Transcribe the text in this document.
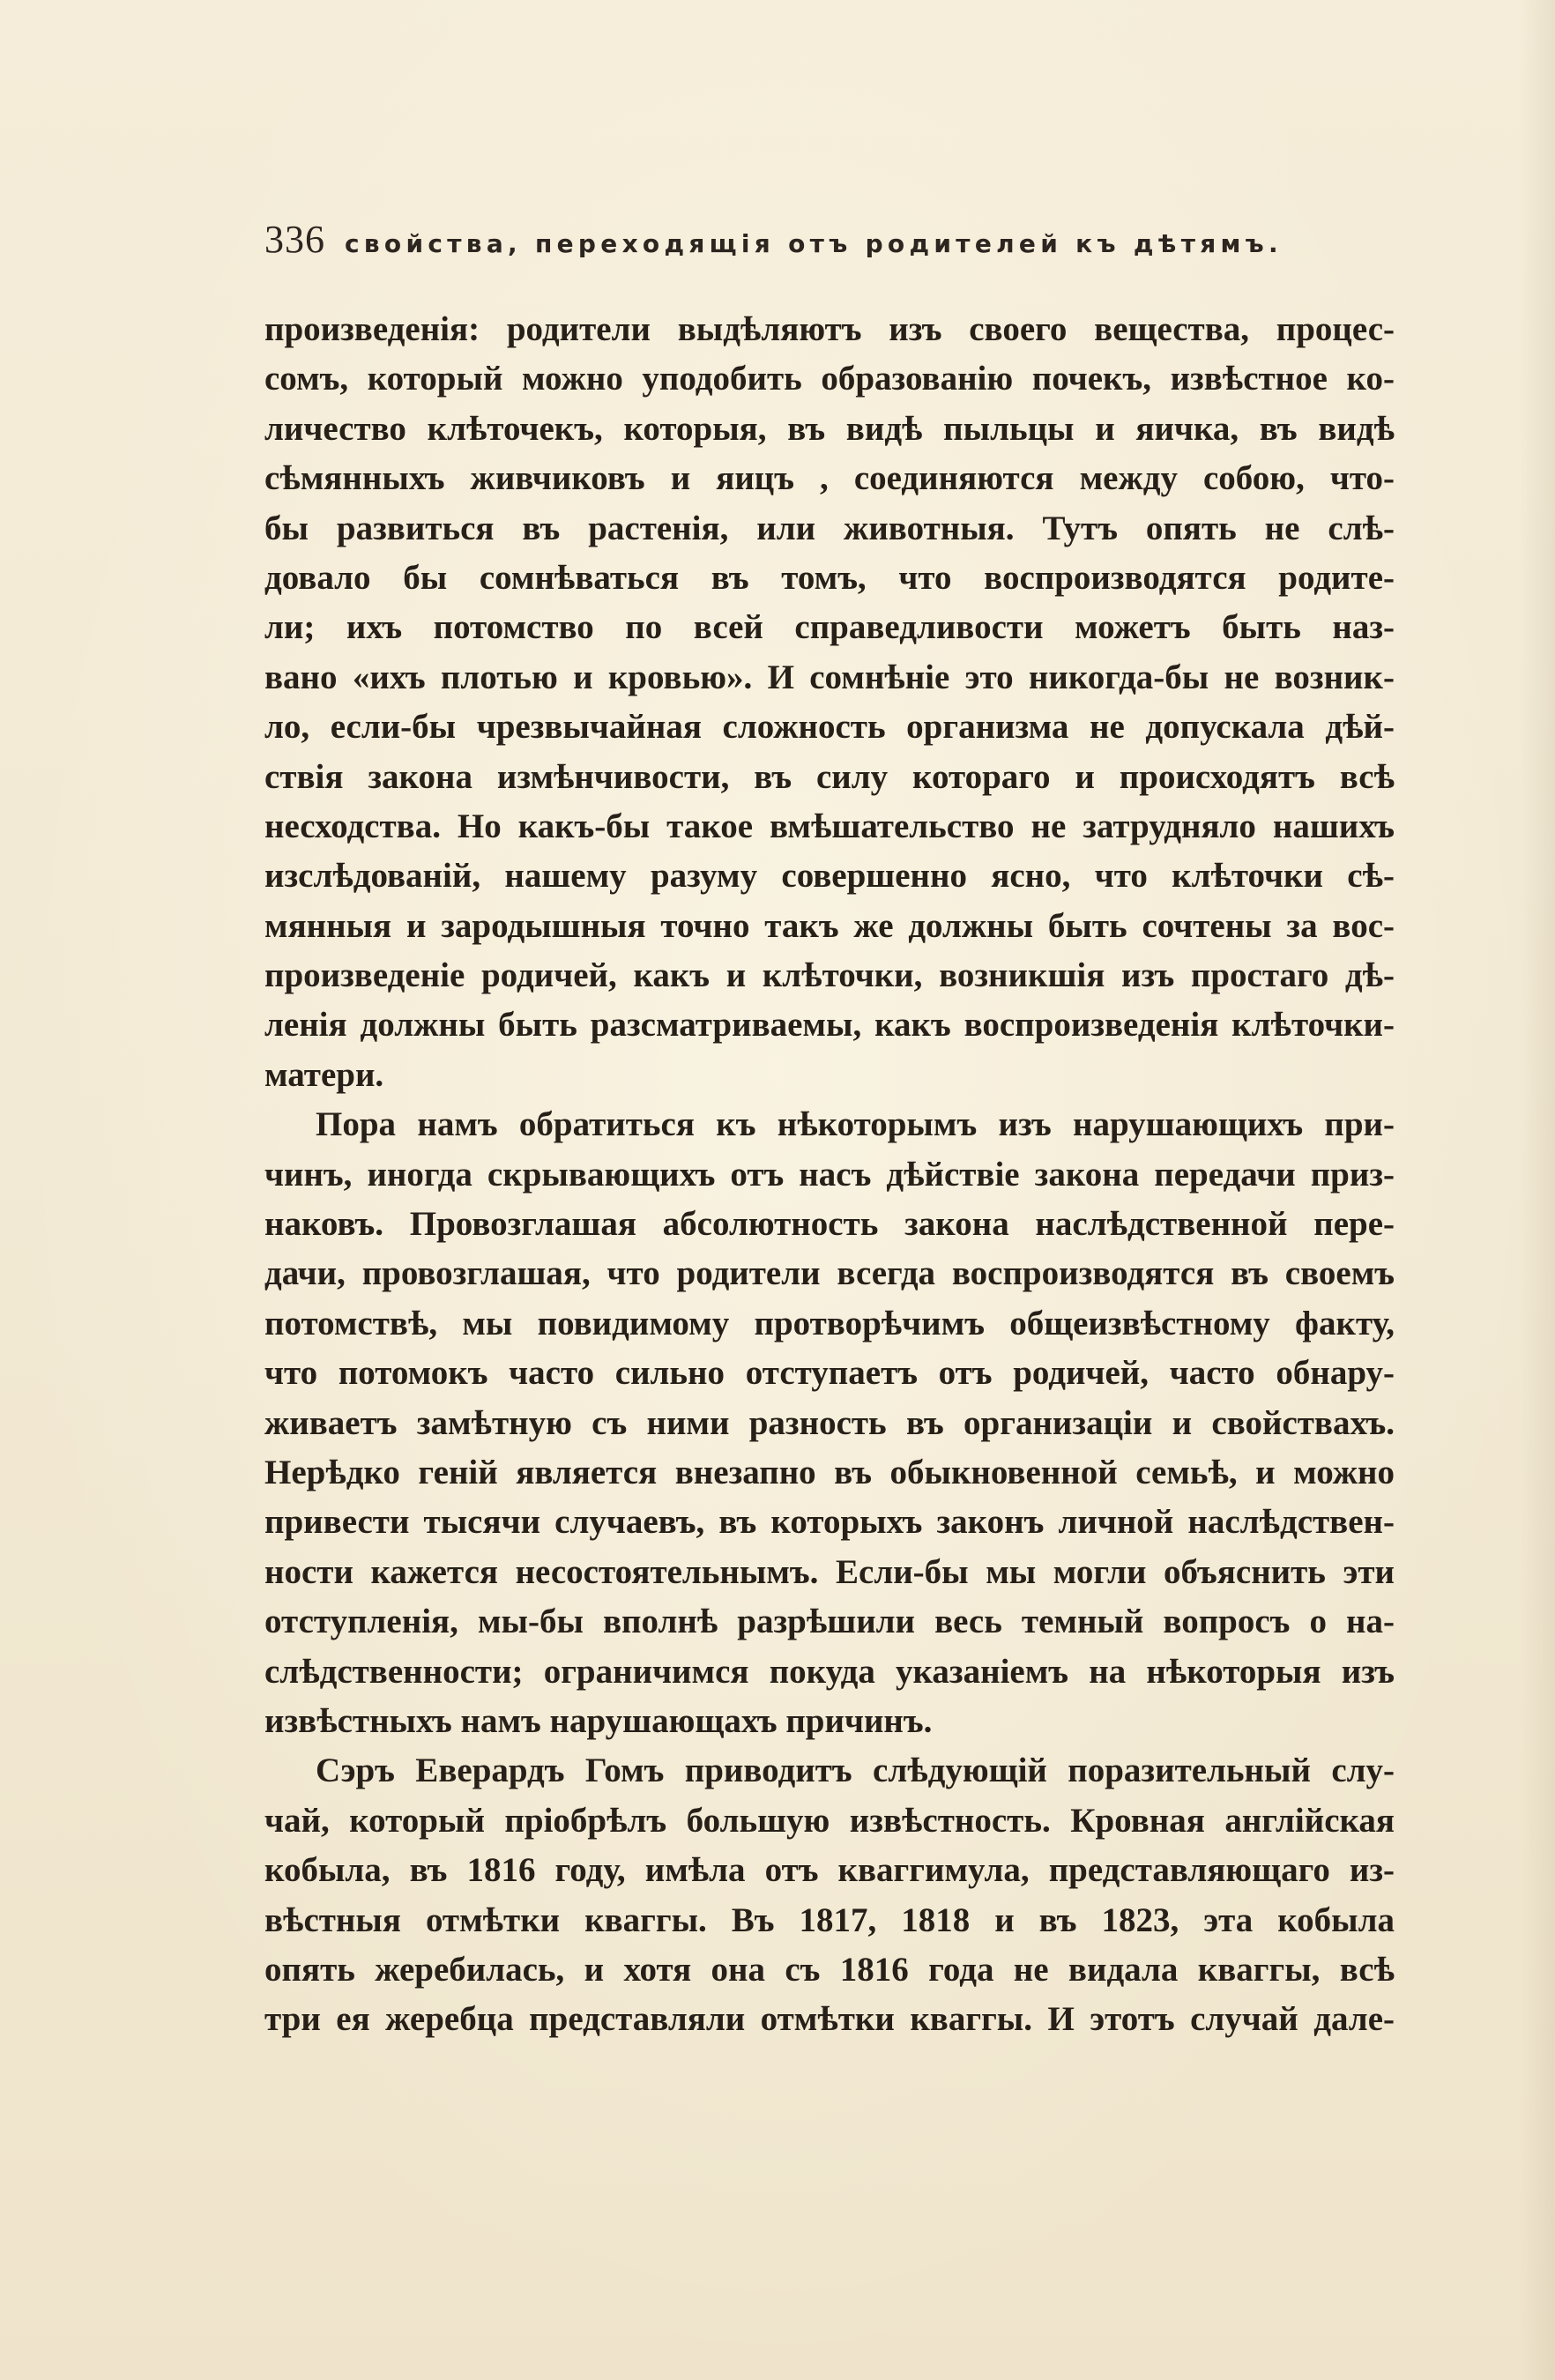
336 свойства, переходящія отъ родителей къ дѣтямъ.
произведенія: родители выдѣляютъ изъ своего вещества, процес-
сомъ, который можно уподобить образованію почекъ, извѣстное ко-
личество клѣточекъ, которыя, въ видѣ пыльцы и яичка, въ видѣ
сѣмянныхъ живчиковъ и яицъ , соединяются между собою, что-
бы развиться въ растенія, или животныя. Тутъ опять не слѣ-
довало бы сомнѣваться въ томъ, что воспроизводятся родите-
ли; ихъ потомство по всей справедливости можетъ быть наз-
вано «ихъ плотью и кровью». И сомнѣніе это никогда-бы не возник-
ло, если-бы чрезвычайная сложность организма не допускала дѣй-
ствія закона измѣнчивости, въ силу котораго и происходятъ всѣ
несходства. Но какъ-бы такое вмѣшательство не затрудняло нашихъ
изслѣдованій, нашему разуму совершенно ясно, что клѣточки сѣ-
мянныя и зародышныя точно такъ же должны быть сочтены за вос-
произведеніе родичей, какъ и клѣточки, возникшія изъ простаго дѣ-
ленія должны быть разсматриваемы, какъ воспроизведенія клѣточки-
матери.
Пора намъ обратиться къ нѣкоторымъ изъ нарушающихъ при-
чинъ, иногда скрывающихъ отъ насъ дѣйствіе закона передачи приз-
наковъ. Провозглашая абсолютность закона наслѣдственной пере-
дачи, провозглашая, что родители всегда воспроизводятся въ своемъ
потомствѣ, мы повидимому протворѣчимъ общеизвѣстному факту,
что потомокъ часто сильно отступаетъ отъ родичей, часто обнару-
живаетъ замѣтную съ ними разность въ организаціи и свойствахъ.
Нерѣдко геній является внезапно въ обыкновенной семьѣ, и можно
привести тысячи случаевъ, въ которыхъ законъ личной наслѣдствен-
ности кажется несостоятельнымъ. Если-бы мы могли объяснить эти
отступленія, мы-бы вполнѣ разрѣшили весь темный вопросъ о на-
слѣдственности; ограничимся покуда указаніемъ на нѣкоторыя изъ
извѣстныхъ намъ нарушающахъ причинъ.
Сэръ Еверардъ Гомъ приводитъ слѣдующій поразительный слу-
чай, который пріобрѣлъ большую извѣстность. Кровная англійская
кобыла, въ 1816 году, имѣла отъ квaггимула, представляющаго из-
вѣстныя отмѣтки кваггы. Въ 1817, 1818 и въ 1823, эта кобыла
опять жеребилась, и хотя она съ 1816 года не видала кваггы, всѣ
три ея жеребца представляли отмѣтки кваггы. И этотъ случай дале-
